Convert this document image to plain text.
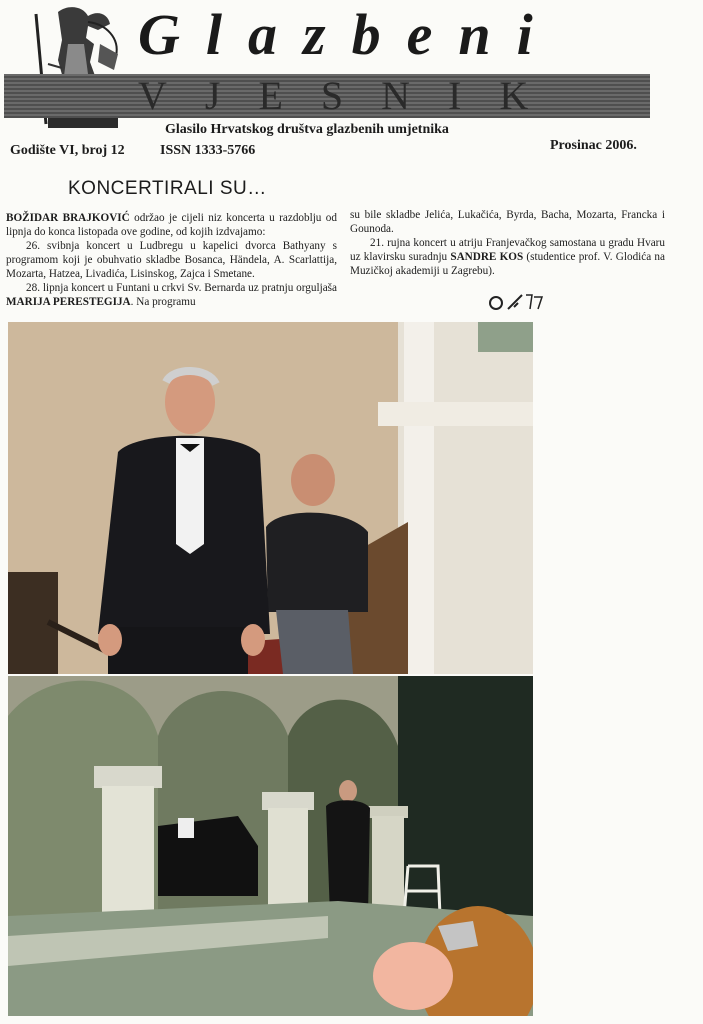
Glazbeni
VJESNIK
Glasilo Hrvatskog društva glazbenih umjetnika
Godište VI, broj 12	ISSN 1333-5766	Prosinac 2006.
KONCERTIRALI SU…

BOŽIDAR BRAJKOVIĆ održao je cijeli niz koncerta u razdoblju od lipnja do konca listopada ove godine, od kojih izdvajamo:

26. svibnja koncert u Ludbregu u kapelici dvorca Bathyany s programom koji je obuhvatio skladbe Bosanca, Händela, A. Scarlattija, Mozarta, Hatzea, Livadića, Lisinskog, Zajca i Smetane.

28. lipnja koncert u Funtani u crkvi Sv. Bernarda uz pratnju orguljaša MARIJA PERESTEGIJA. Na programu

su bile skladbe Jelića, Lukačića, Byrda, Bacha, Mozarta, Francka i Gounoda.

21. rujna koncert u atriju Franjevačkog samostana u gradu Hvaru uz klavirsku suradnju SANDRE KOS (studentice prof. V. Glodića na Muzičkoj akademiji u Zagrebu).
